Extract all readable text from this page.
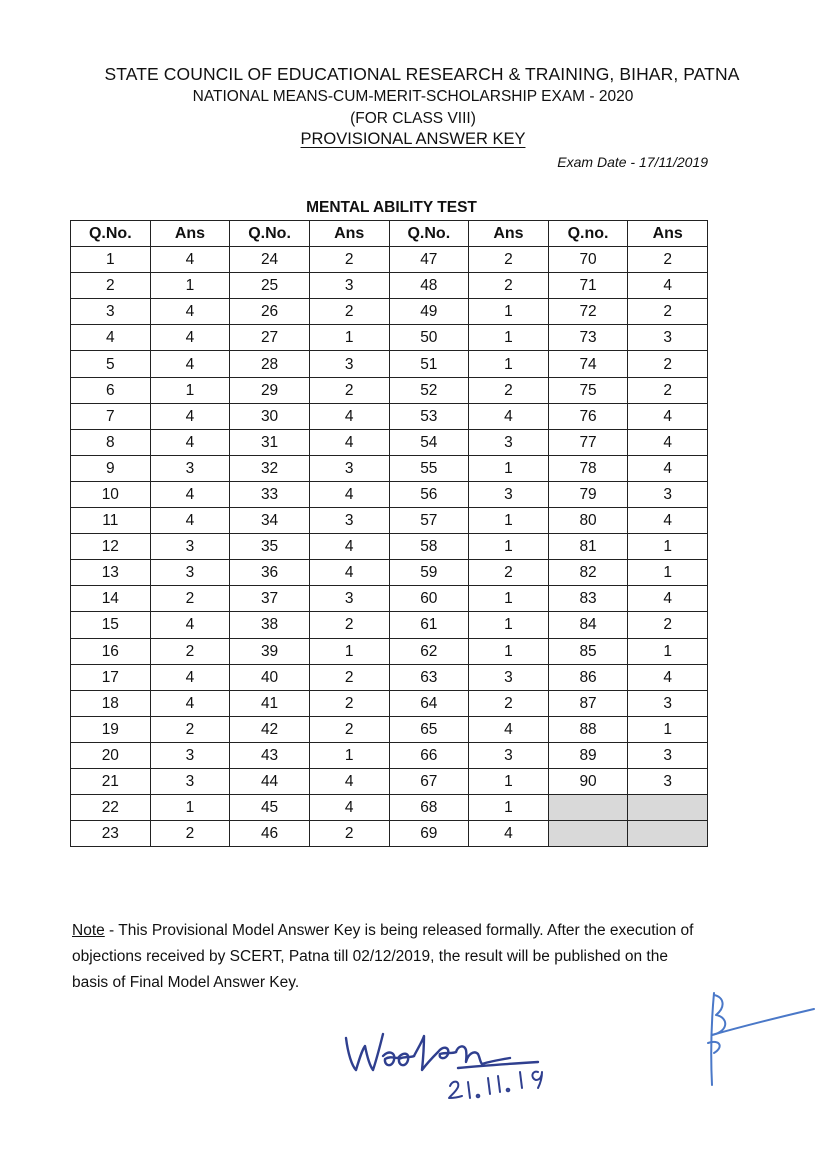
STATE COUNCIL OF EDUCATIONAL RESEARCH & TRAINING, BIHAR, PATNA
NATIONAL MEANS-CUM-MERIT-SCHOLARSHIP EXAM - 2020
(FOR CLASS VIII)
PROVISIONAL ANSWER KEY
Exam Date - 17/11/2019
MENTAL ABILITY TEST
Q.No.	Ans	Q.No.	Ans	Q.No.	Ans	Q.no.	Ans
1	4	24	2	47	2	70	2
2	1	25	3	48	2	71	4
3	4	26	2	49	1	72	2
4	4	27	1	50	1	73	3
5	4	28	3	51	1	74	2
6	1	29	2	52	2	75	2
7	4	30	4	53	4	76	4
8	4	31	4	54	3	77	4
9	3	32	3	55	1	78	4
10	4	33	4	56	3	79	3
11	4	34	3	57	1	80	4
12	3	35	4	58	1	81	1
13	3	36	4	59	2	82	1
14	2	37	3	60	1	83	4
15	4	38	2	61	1	84	2
16	2	39	1	62	1	85	1
17	4	40	2	63	3	86	4
18	4	41	2	64	2	87	3
19	2	42	2	65	4	88	1
20	3	43	1	66	3	89	3
21	3	44	4	67	1	90	3
22	1	45	4	68	1		
23	2	46	2	69	4		

Note - This Provisional Model Answer Key is being released formally. After the execution of objections received by SCERT, Patna till 02/12/2019, the result will be published on the basis of Final Model Answer Key.
